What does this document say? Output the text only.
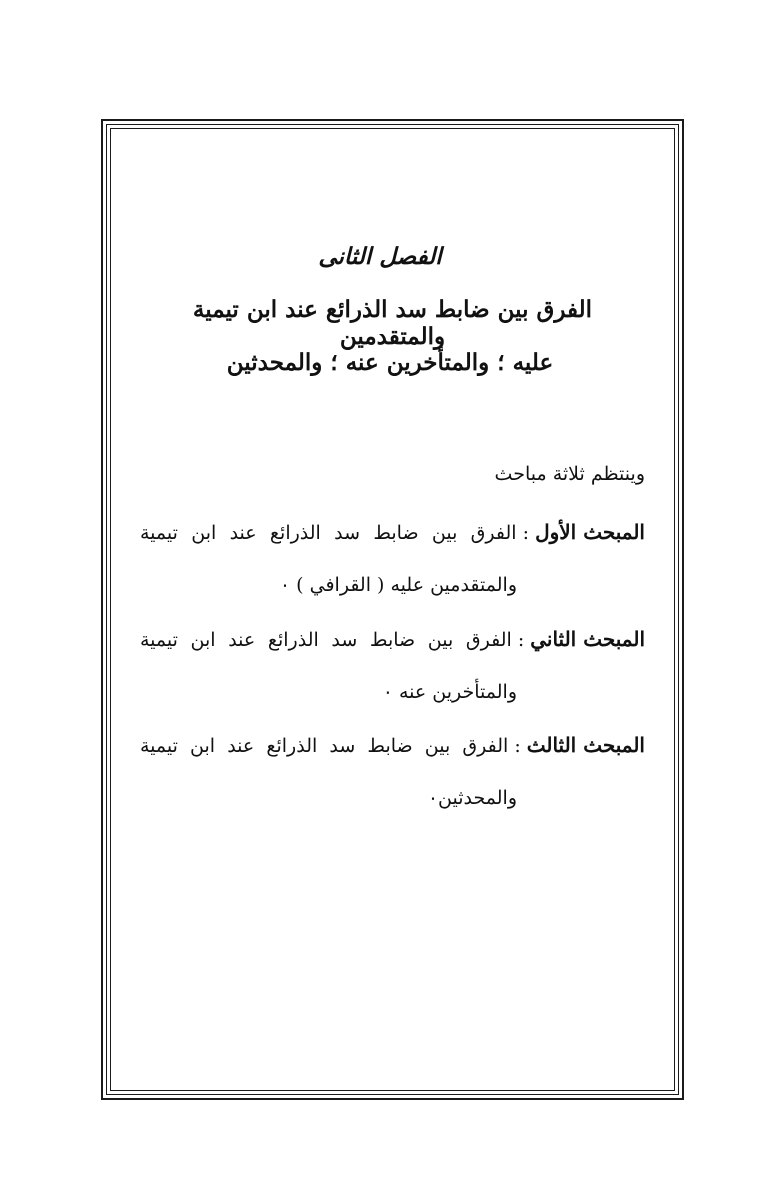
الفصل الثانى
الفرق بين ضابط سد الذرائع عند ابن تيمية والمتقدمين
عليه ؛ والمتأخرين عنه ؛ والمحدثين
وينتظم ثلاثة مباحث
المبحث الأول
:
الفرق بين ضابط سد الذرائع عند ابن تيمية
والمتقدمين عليه ( القرافي ) ٠
المبحث الثاني
:
الفرق بين ضابط سد الذرائع عند ابن تيمية
والمتأخرين عنه ٠
المبحث الثالث
:
الفرق بين ضابط سد الذرائع عند ابن تيمية
والمحدثين٠
